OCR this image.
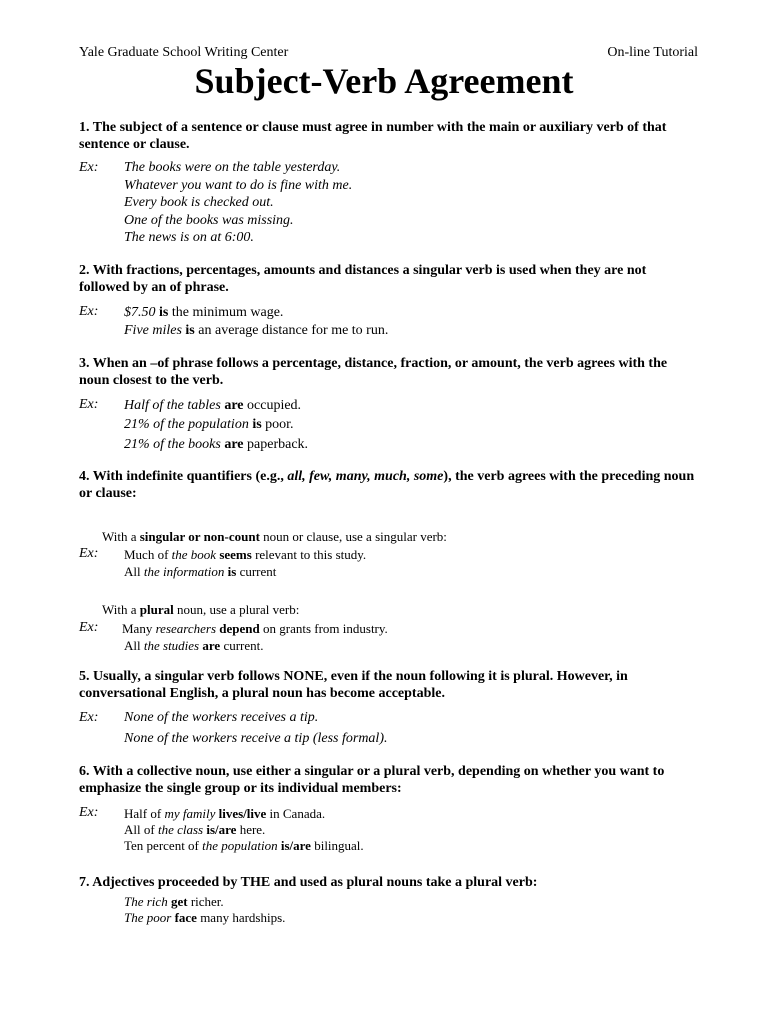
Yale Graduate School Writing Center	On-line Tutorial
Subject-Verb Agreement
1. The subject of a sentence or clause must agree in number with the main or auxiliary verb of that sentence or clause.
Ex: The books were on the table yesterday.
Whatever you want to do is fine with me.
Every book is checked out.
One of the books was missing.
The news is on at 6:00.
2. With fractions, percentages, amounts and distances a singular verb is used when they are not followed by an of phrase.
Ex: $7.50 is the minimum wage.
Five miles is an average distance for me to run.
3. When an –of phrase follows a percentage, distance, fraction, or amount, the verb agrees with the noun closest to the verb.
Ex: Half of the tables are occupied.
21% of the population is poor.
21% of the books are paperback.
4. With indefinite quantifiers (e.g., all, few, many, much, some), the verb agrees with the preceding noun or clause:
With a singular or non-count noun or clause, use a singular verb:
Ex: Much of the book seems relevant to this study.
All the information is current
With a plural noun, use a plural verb:
Ex: Many researchers depend on grants from industry.
All the studies are current.
5. Usually, a singular verb follows NONE, even if the noun following it is plural. However, in conversational English, a plural noun has become acceptable.
Ex: None of the workers receives a tip.
None of the workers receive a tip (less formal).
6. With a collective noun, use either a singular or a plural verb, depending on whether you want to emphasize the single group or its individual members:
Ex: Half of my family lives/live in Canada.
All of the class is/are here.
Ten percent of the population is/are bilingual.
7. Adjectives proceeded by THE and used as plural nouns take a plural verb:
The rich get richer.
The poor face many hardships.
